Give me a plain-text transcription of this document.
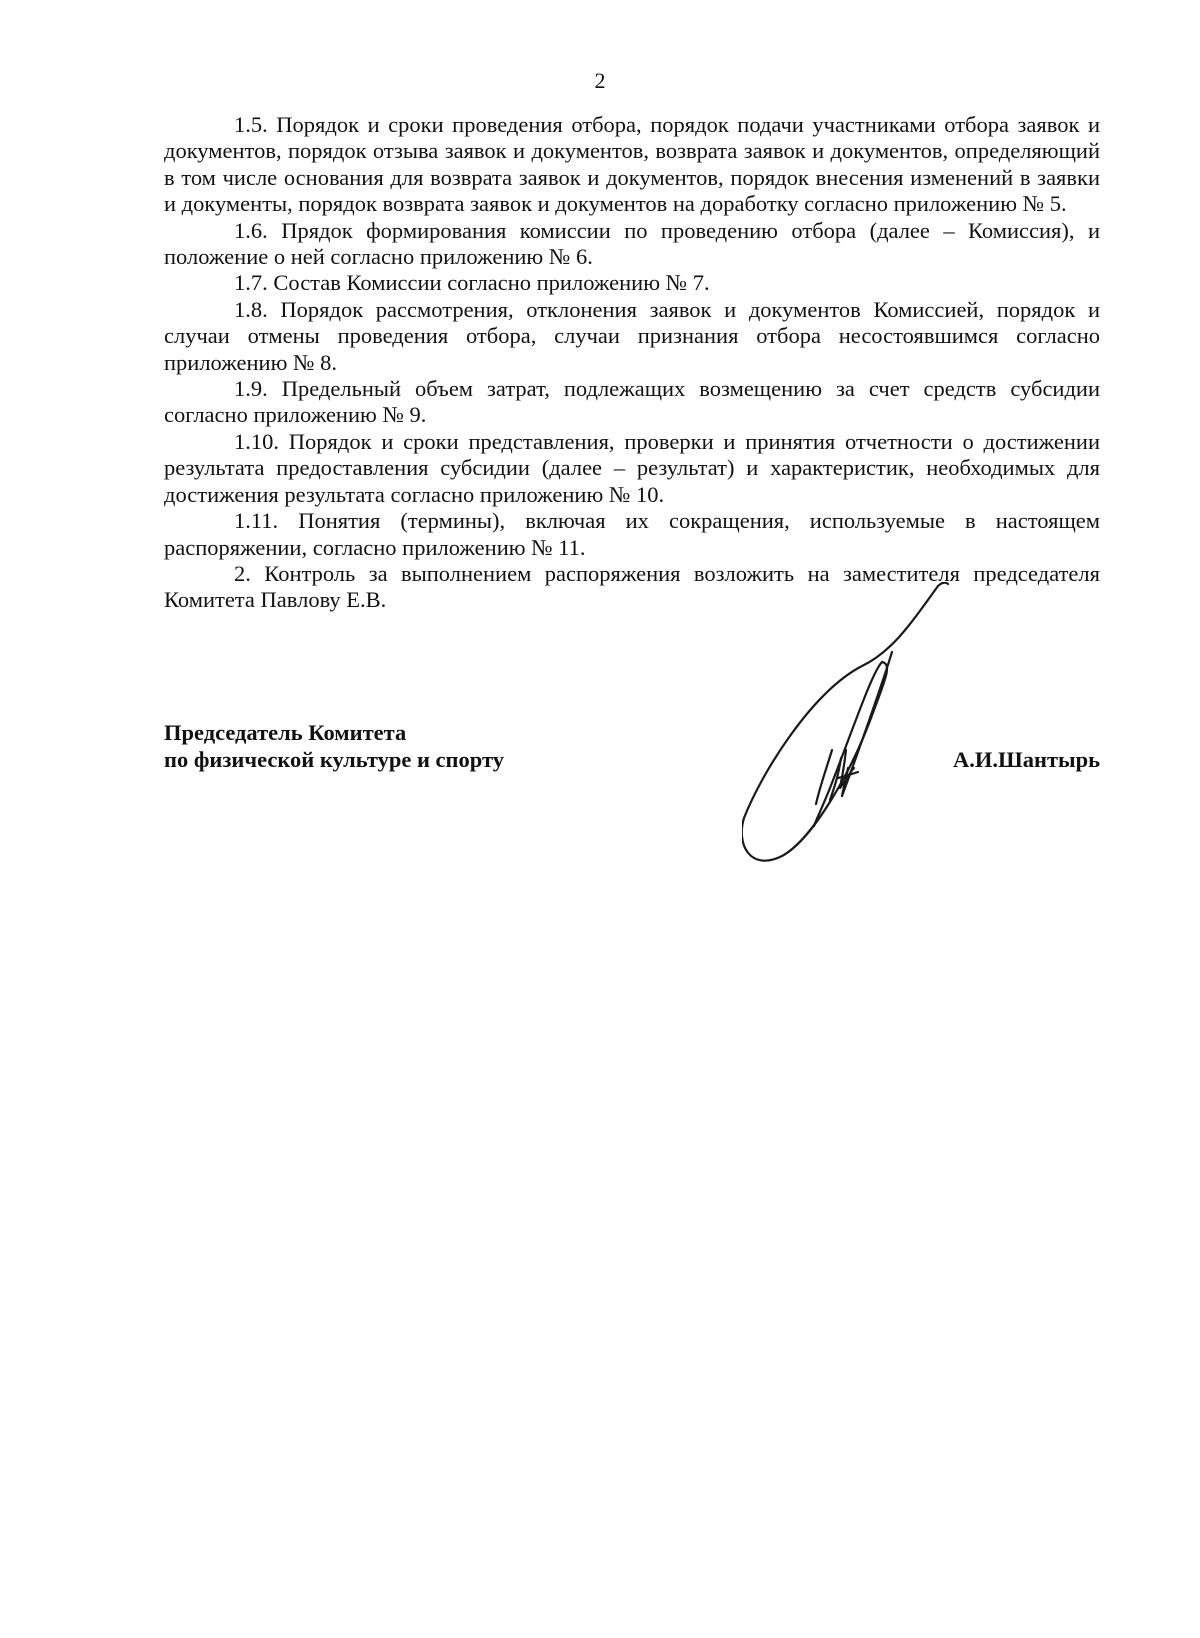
2

1.5. Порядок и сроки проведения отбора, порядок подачи участниками отбора заявок и документов, порядок отзыва заявок и документов, возврата заявок и документов, определяющий в том числе основания для возврата заявок и документов, порядок внесения изменений в заявки и документы, порядок возврата заявок и документов на доработку согласно приложению № 5.

1.6. Прядок формирования комиссии по проведению отбора (далее – Комиссия), и положение о ней согласно приложению № 6.

1.7. Состав Комиссии согласно приложению № 7.

1.8. Порядок рассмотрения, отклонения заявок и документов Комиссией, порядок и случаи отмены проведения отбора, случаи признания отбора несостоявшимся согласно приложению № 8.

1.9. Предельный объем затрат, подлежащих возмещению за счет средств субсидии согласно приложению № 9.

1.10. Порядок и сроки представления, проверки и принятия отчетности о достижении результата предоставления субсидии (далее – результат) и характеристик, необходимых для достижения результата согласно приложению № 10.

1.11. Понятия (термины), включая их сокращения, используемые в настоящем распоряжении, согласно приложению № 11.

2. Контроль за выполнением распоряжения возложить на заместителя председателя Комитета Павлову Е.В.

Председатель Комитета

по физической культуре и спорту	А.И.Шантырь
